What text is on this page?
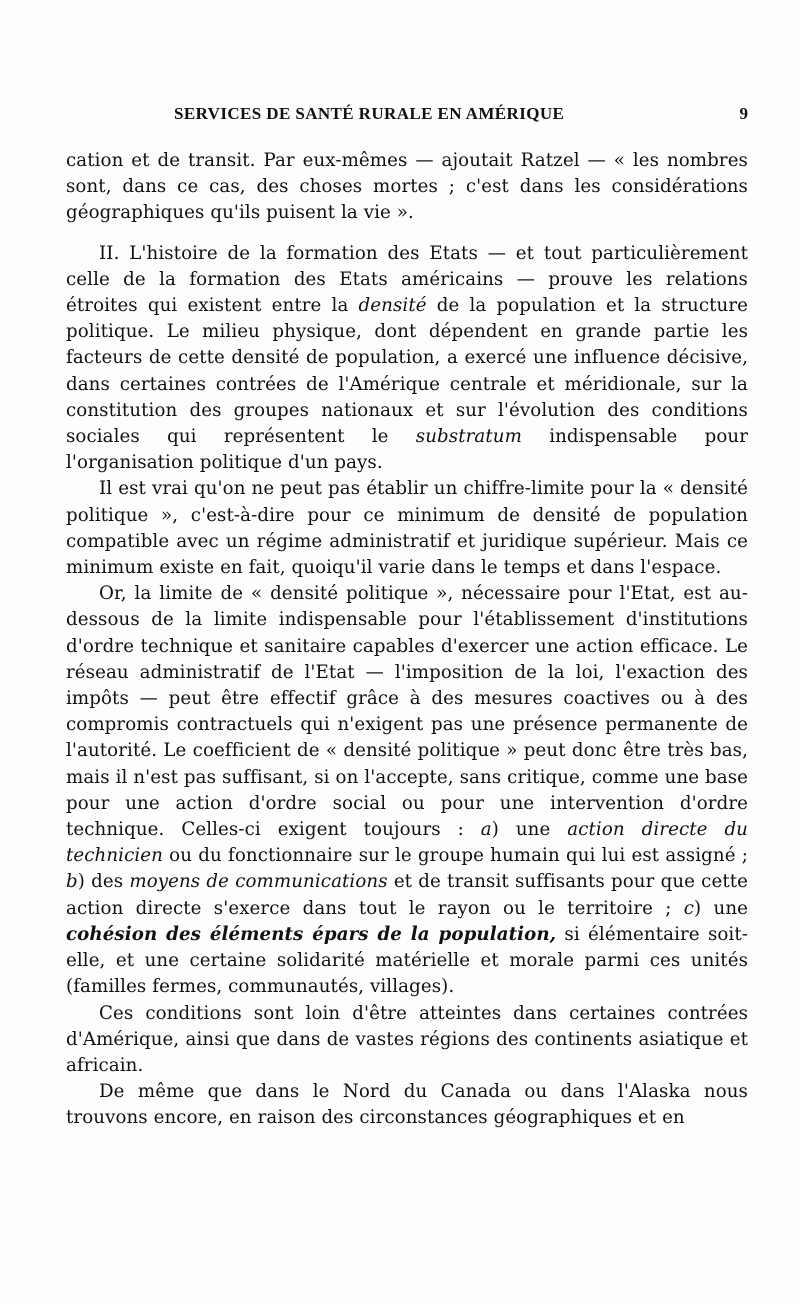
SERVICES DE SANTÉ RURALE EN AMÉRIQUE	9

cation et de transit. Par eux-mêmes — ajoutait Ratzel — « les nombres sont, dans ce cas, des choses mortes ; c'est dans les considérations géographiques qu'ils puisent la vie ».

II. L'histoire de la formation des Etats — et tout particulièrement celle de la formation des Etats américains — prouve les relations étroites qui existent entre la densité de la population et la structure politique. Le milieu physique, dont dépendent en grande partie les facteurs de cette densité de population, a exercé une influence décisive, dans certaines contrées de l'Amérique centrale et méridionale, sur la constitution des groupes nationaux et sur l'évolution des conditions sociales qui représentent le substratum indispensable pour l'organisation politique d'un pays.

Il est vrai qu'on ne peut pas établir un chiffre-limite pour la « densité politique », c'est-à-dire pour ce minimum de densité de population compatible avec un régime administratif et juridique supérieur. Mais ce minimum existe en fait, quoiqu'il varie dans le temps et dans l'espace.

Or, la limite de « densité politique », nécessaire pour l'Etat, est au-dessous de la limite indispensable pour l'établissement d'institutions d'ordre technique et sanitaire capables d'exercer une action efficace. Le réseau administratif de l'Etat — l'imposition de la loi, l'exaction des impôts — peut être effectif grâce à des mesures coactives ou à des compromis contractuels qui n'exigent pas une présence permanente de l'autorité. Le coefficient de « densité politique » peut donc être très bas, mais il n'est pas suffisant, si on l'accepte, sans critique, comme une base pour une action d'ordre social ou pour une intervention d'ordre technique. Celles-ci exigent toujours : a) une action directe du technicien ou du fonctionnaire sur le groupe humain qui lui est assigné ; b) des moyens de communications et de transit suffisants pour que cette action directe s'exerce dans tout le rayon ou le territoire ; c) une cohésion des éléments épars de la population, si élémentaire soit-elle, et une certaine solidarité matérielle et morale parmi ces unités (familles fermes, communautés, villages).

Ces conditions sont loin d'être atteintes dans certaines contrées d'Amérique, ainsi que dans de vastes régions des continents asiatique et africain.

De même que dans le Nord du Canada ou dans l'Alaska nous trouvons encore, en raison des circonstances géographiques et en
